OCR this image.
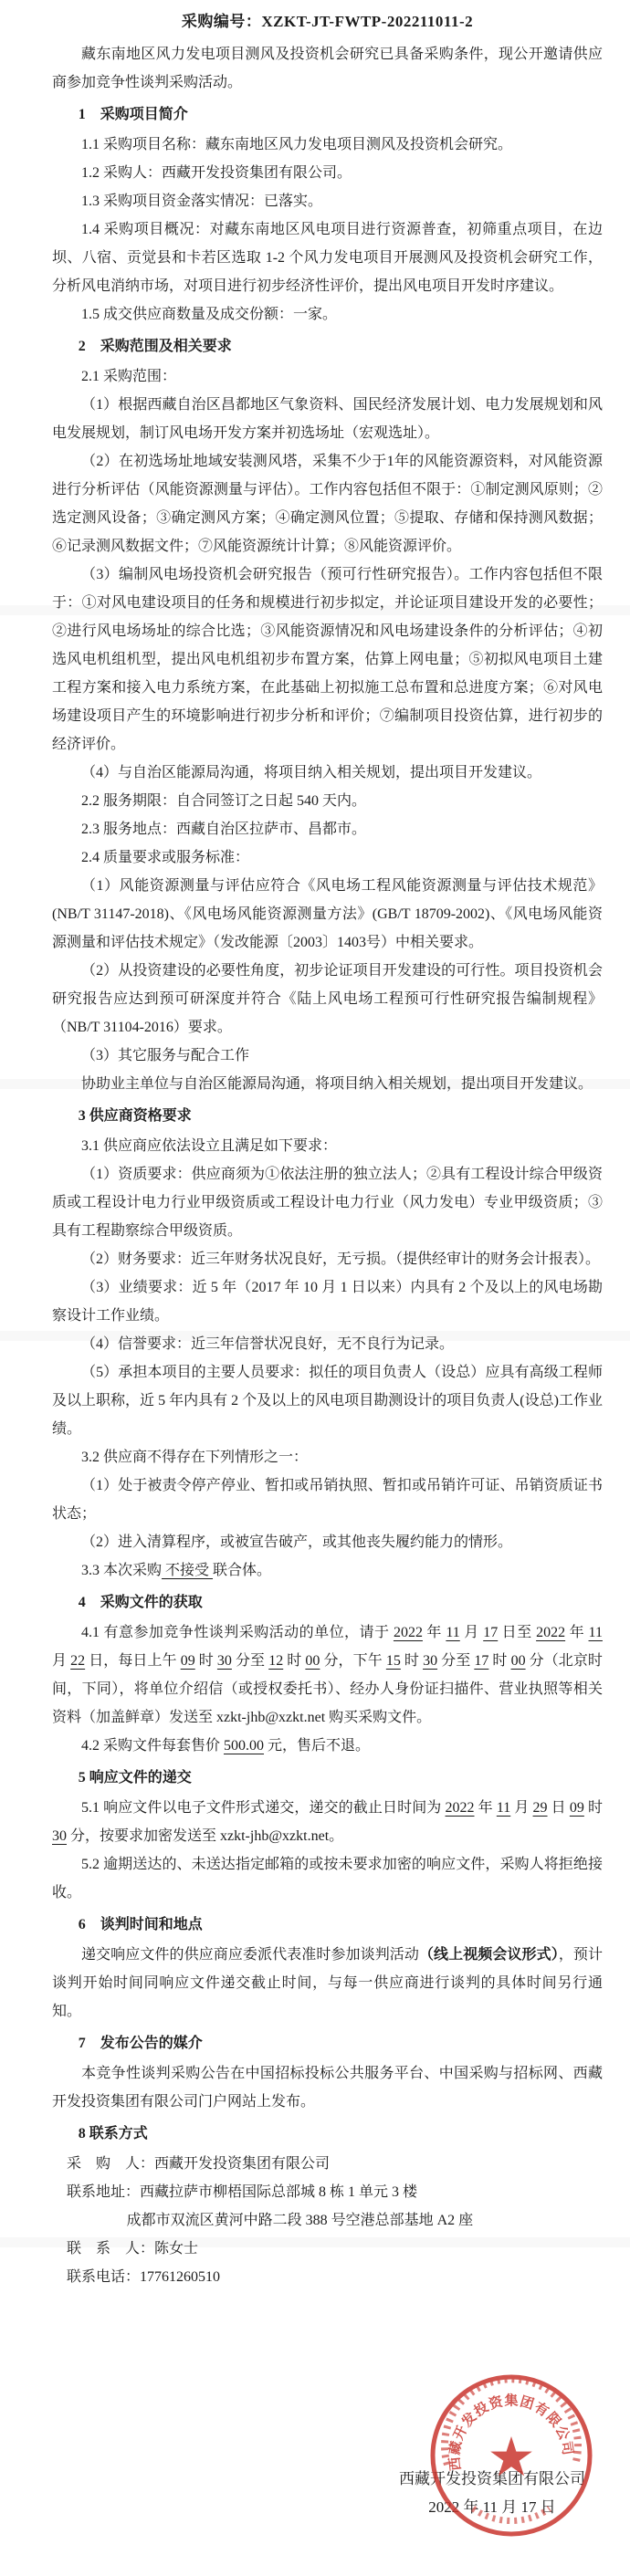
采购编号：XZKT-JT-FWTP-202211011-2
藏东南地区风力发电项目测风及投资机会研究已具备采购条件，现公开邀请供应商参加竞争性谈判采购活动。
1　采购项目简介
1.1 采购项目名称：藏东南地区风力发电项目测风及投资机会研究。
1.2 采购人：西藏开发投资集团有限公司。
1.3 采购项目资金落实情况：已落实。
1.4 采购项目概况：对藏东南地区风电项目进行资源普查，初筛重点项目，在边坝、八宿、贡觉县和卡若区选取 1-2 个风力发电项目开展测风及投资机会研究工作，分析风电消纳市场，对项目进行初步经济性评价，提出风电项目开发时序建议。
1.5 成交供应商数量及成交份额：一家。
2　采购范围及相关要求
2.1 采购范围：
（1）根据西藏自治区昌都地区气象资料、国民经济发展计划、电力发展规划和风电发展规划，制订风电场开发方案并初选场址（宏观选址）。
（2）在初选场址地域安装测风塔，采集不少于1年的风能资源资料，对风能资源进行分析评估（风能资源测量与评估）。工作内容包括但不限于：①制定测风原则；②选定测风设备；③确定测风方案；④确定测风位置；⑤提取、存储和保持测风数据；⑥记录测风数据文件；⑦风能资源统计计算；⑧风能资源评价。
（3）编制风电场投资机会研究报告（预可行性研究报告）。工作内容包括但不限于：①对风电建设项目的任务和规模进行初步拟定，并论证项目建设开发的必要性；②进行风电场场址的综合比选；③风能资源情况和风电场建设条件的分析评估；④初选风电机组机型，提出风电机组初步布置方案，估算上网电量；⑤初拟风电项目土建工程方案和接入电力系统方案，在此基础上初拟施工总布置和总进度方案；⑥对风电场建设项目产生的环境影响进行初步分析和评价；⑦编制项目投资估算，进行初步的经济评价。
（4）与自治区能源局沟通，将项目纳入相关规划，提出项目开发建议。
2.2 服务期限：自合同签订之日起 540 天内。
2.3 服务地点：西藏自治区拉萨市、昌都市。
2.4 质量要求或服务标准：
（1）风能资源测量与评估应符合《风电场工程风能资源测量与评估技术规范》(NB/T 31147-2018)、《风电场风能资源测量方法》(GB/T 18709-2002)、《风电场风能资源测量和评估技术规定》（发改能源〔2003〕1403号）中相关要求。
（2）从投资建设的必要性角度，初步论证项目开发建设的可行性。项目投资机会研究报告应达到预可研深度并符合《陆上风电场工程预可行性研究报告编制规程》（NB/T 31104-2016）要求。
（3）其它服务与配合工作
协助业主单位与自治区能源局沟通，将项目纳入相关规划，提出项目开发建议。
3 供应商资格要求
3.1 供应商应依法设立且满足如下要求：
（1）资质要求：供应商须为①依法注册的独立法人；②具有工程设计综合甲级资质或工程设计电力行业甲级资质或工程设计电力行业（风力发电）专业甲级资质；③具有工程勘察综合甲级资质。
（2）财务要求：近三年财务状况良好，无亏损。（提供经审计的财务会计报表）。
（3）业绩要求：近 5 年（2017 年 10 月 1 日以来）内具有 2 个及以上的风电场勘察设计工作业绩。
（4）信誉要求：近三年信誉状况良好，无不良行为记录。
（5）承担本项目的主要人员要求：拟任的项目负责人（设总）应具有高级工程师及以上职称，近 5 年内具有 2 个及以上的风电项目勘测设计的项目负责人(设总)工作业绩。
3.2 供应商不得存在下列情形之一：
（1）处于被责令停产停业、暂扣或吊销执照、暂扣或吊销许可证、吊销资质证书状态；
（2）进入清算程序，或被宣告破产，或其他丧失履约能力的情形。
3.3 本次采购 不接受 联合体。
4　采购文件的获取
4.1 有意参加竞争性谈判采购活动的单位，请于 2022 年 11 月 17 日至 2022 年 11 月 22 日，每日上午 09 时 30 分至 12 时 00 分，下午 15 时 30 分至 17 时 00 分（北京时间，下同），将单位介绍信（或授权委托书）、经办人身份证扫描件、营业执照等相关资料（加盖鲜章）发送至 xzkt-jhb@xzkt.net 购买采购文件。
4.2 采购文件每套售价 500.00 元，售后不退。
5 响应文件的递交
5.1 响应文件以电子文件形式递交，递交的截止日时间为 2022 年 11 月 29 日 09 时 30 分，按要求加密发送至 xzkt-jhb@xzkt.net。
5.2 逾期送达的、未送达指定邮箱的或按未要求加密的响应文件，采购人将拒绝接收。
6　谈判时间和地点
递交响应文件的供应商应委派代表准时参加谈判活动（线上视频会议形式），预计谈判开始时间同响应文件递交截止时间，与每一供应商进行谈判的具体时间另行通知。
7　发布公告的媒介
本竞争性谈判采购公告在中国招标投标公共服务平台、中国采购与招标网、西藏开发投资集团有限公司门户网站上发布。
8 联系方式
采　购　人：西藏开发投资集团有限公司
联系地址：西藏拉萨市柳梧国际总部城 8 栋 1 单元 3 楼
成都市双流区黄河中路二段 388 号空港总部基地 A2 座
联　系　人：陈女士
联系电话：17761260510
西藏开发投资集团有限公司
2022 年 11 月 17 日
西藏开发投资集团有限公司
